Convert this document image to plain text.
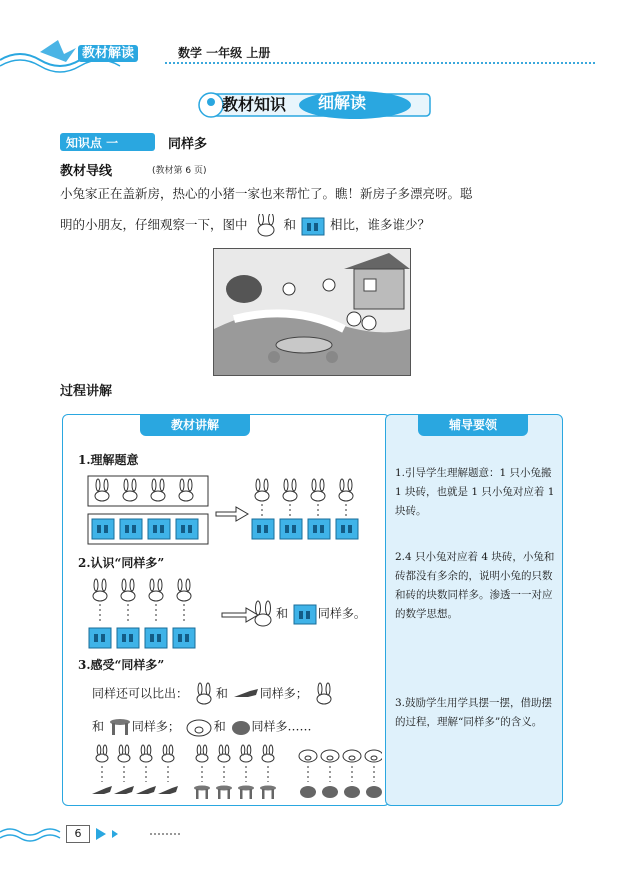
教材解读	数学 一年级 上册
教材知识 细解读
知识点 一	同样多
教材导线	(教材第 6 页)
小兔家正在盖新房，热心的小猪一家也来帮忙了。瞧！新房子多漂亮呀。聪
明的小朋友，仔细观察一下，图中	和	相比，谁多谁少？
过程讲解
教材讲解	辅导要领
1.理解题意
2.认识“同样多”
和 同样多。
3.感受“同样多”
同样还可以比出： 和	同样多；
和 同样多；	和 同样多……
1.引导学生理解题意：1 只小兔搬 1 块砖，也就是 1 只小兔对应着 1 块砖。
2.4 只小兔对应着 4 块砖，小兔和砖都没有多余的，说明小兔的只数和砖的块数同样多。渗透一一对应的数学思想。
3.鼓励学生用学具摆一摆，借助摆的过程，理解“同样多”的含义。
6
